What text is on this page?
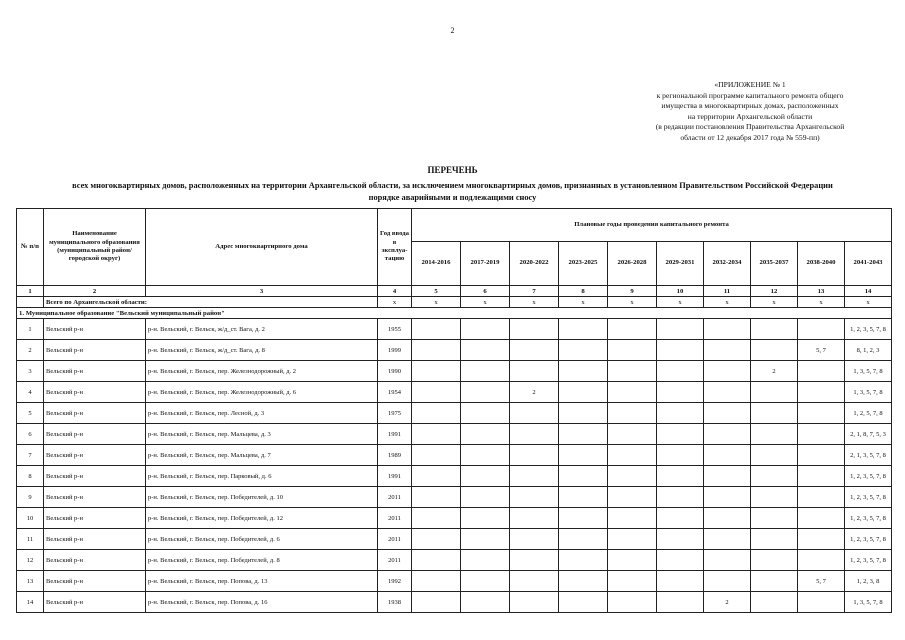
2
«ПРИЛОЖЕНИЕ № 1
к региональной программе капитального ремонта общего
имущества в многоквартирных домах, расположенных
на территории Архангельской области
(в редакции постановления Правительства Архангельской
области от 12 декабря 2017 года № 559-пп)
ПЕРЕЧЕНЬ
всех многоквартирных домов, расположенных на территории Архангельской области, за исключением многоквартирных домов, признанных в установленном Правительством Российской Федерации порядке аварийными и подлежащими сносу
№ п/п	Наименование муниципального образования (муниципальный район/городской округ)	Адрес многоквартирного дома	Год ввода в эксплуа-тацию	Плановые годы проведения капитального ремонта									
				2014-2016	2017-2019	2020-2022	2023-2025	2026-2028	2029-2031	2032-2034	2035-2037	2038-2040	2041-2043
1	2	3	4	5	6	7	8	9	10	11	12	13	14
	Всего по Архангельской области:		x	x	x	x	x	x	x	x	x	x	x
1. Муниципальное образование "Вельский муниципальный район"													
1	Вельский р-н	р-н. Вельский, г. Вельск, ж/д_ст. Вага, д. 2	1955										1, 2, 3, 5, 7, 8
2	Вельский р-н	р-н. Вельский, г. Вельск, ж/д_ст. Вага, д. 8	1999									5, 7	8, 1, 2, 3
3	Вельский р-н	р-н. Вельский, г. Вельск, пер. Железнодорожный, д. 2	1990								2		1, 3, 5, 7, 8
4	Вельский р-н	р-н. Вельский, г. Вельск, пер. Железнодорожный, д. 6	1954			2							1, 3, 5, 7, 8
5	Вельский р-н	р-н. Вельский, г. Вельск, пер. Лесной, д. 3	1975										1, 2, 5, 7, 8
6	Вельский р-н	р-н. Вельский, г. Вельск, пер. Мальцева, д. 3	1991										2, 1, 8, 7, 5, 3
7	Вельский р-н	р-н. Вельский, г. Вельск, пер. Мальцева, д. 7	1989										2, 1, 3, 5, 7, 8
8	Вельский р-н	р-н. Вельский, г. Вельск, пер. Парковый, д. 6	1991										1, 2, 3, 5, 7, 8
9	Вельский р-н	р-н. Вельский, г. Вельск, пер. Победителей, д. 10	2011										1, 2, 3, 5, 7, 8
10	Вельский р-н	р-н. Вельский, г. Вельск, пер. Победителей, д. 12	2011										1, 2, 3, 5, 7, 8
11	Вельский р-н	р-н. Вельский, г. Вельск, пер. Победителей, д. 6	2011										1, 2, 3, 5, 7, 8
12	Вельский р-н	р-н. Вельский, г. Вельск, пер. Победителей, д. 8	2011										1, 2, 3, 5, 7, 8
13	Вельский р-н	р-н. Вельский, г. Вельск, пер. Попова, д. 13	1992									5, 7	1, 2, 3, 8
14	Вельский р-н	р-н. Вельский, г. Вельск, пер. Попова, д. 16	1938							2			1, 3, 5, 7, 8
